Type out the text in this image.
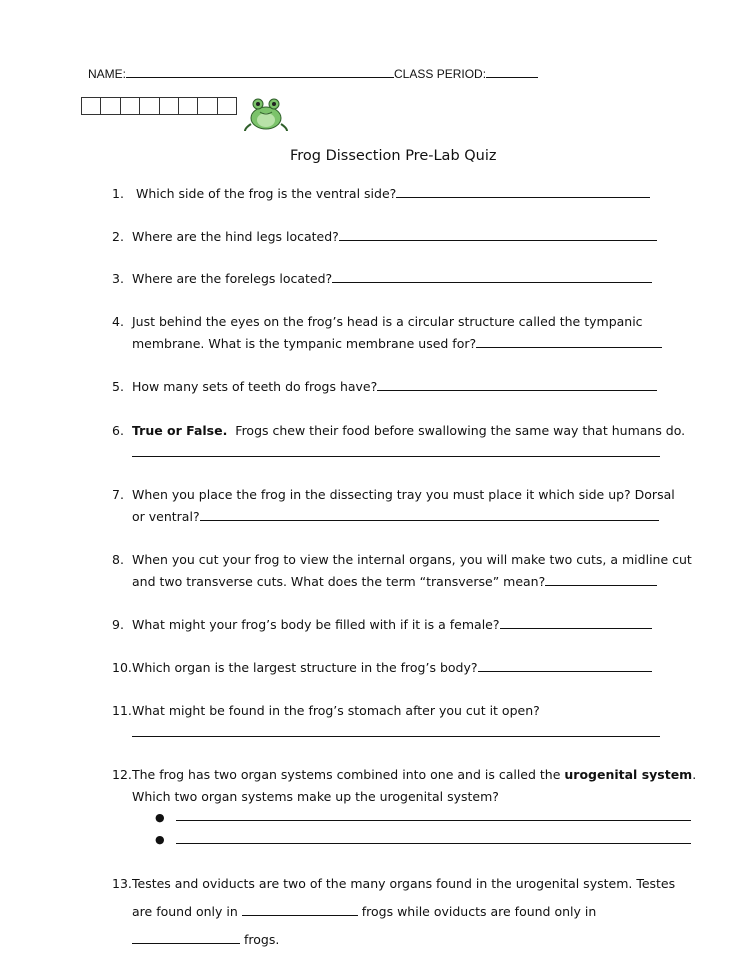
NAME:	CLASS PERIOD:
Frog Dissection Pre-Lab Quiz
1. Which side of the frog is the ventral side?
2. Where are the hind legs located?
3. Where are the forelegs located?
4. Just behind the eyes on the frog’s head is a circular structure called the tympanic
membrane. What is the tympanic membrane used for?
5. How many sets of teeth do frogs have?
6. True or False.  Frogs chew their food before swallowing the same way that humans do.
7. When you place the frog in the dissecting tray you must place it which side up? Dorsal
or ventral?
8. When you cut your frog to view the internal organs, you will make two cuts, a midline cut
and two transverse cuts. What does the term “transverse” mean?
9. What might your frog’s body be filled with if it is a female?
10. Which organ is the largest structure in the frog’s body?
11. What might be found in the frog’s stomach after you cut it open?
12. The frog has two organ systems combined into one and is called the urogenital system.
Which two organ systems make up the urogenital system?
●
●
13. Testes and oviducts are two of the many organs found in the urogenital system. Testes
are found only in	frogs while oviducts are found only in
frogs.
